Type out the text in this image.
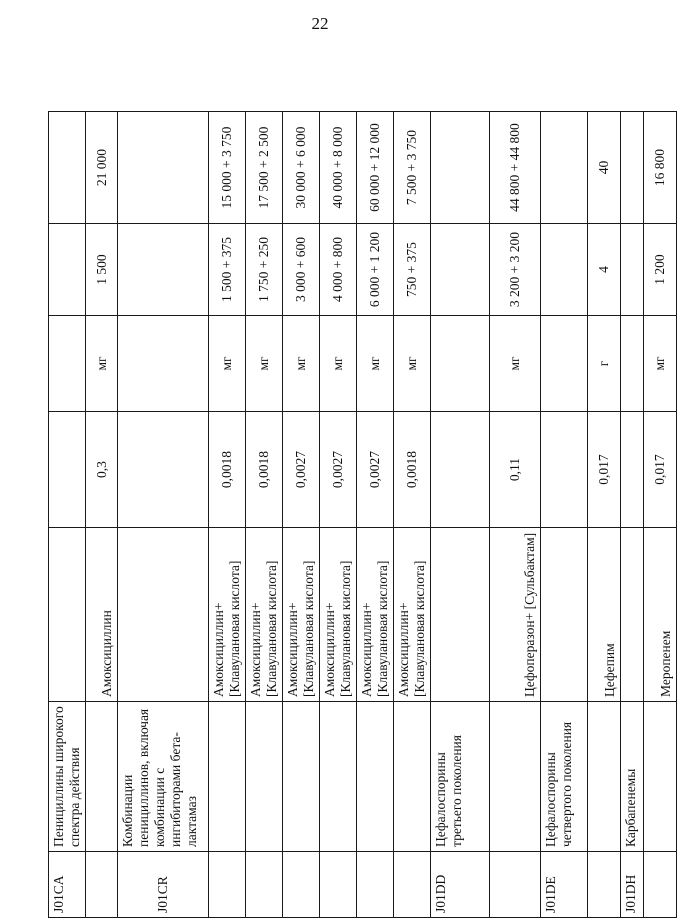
22
J01CA	Пенициллины широкого спектра действия					
		Амоксициллин	0,3	мг	1 500	21 000
J01CR	Комбинации пенициллинов, включая комбинации с ингибиторами бета-лактамаз					
		Амоксициллин+ [Клавулановая кислота]	0,0018	мг	1 500 + 375	15 000 + 3 750
		Амоксициллин+ [Клавулановая кислота]	0,0018	мг	1 750 + 250	17 500 + 2 500
		Амоксициллин+ [Клавулановая кислота]	0,0027	мг	3 000 + 600	30 000 + 6 000
		Амоксициллин+ [Клавулановая кислота]	0,0027	мг	4 000 + 800	40 000 + 8 000
		Амоксициллин+ [Клавулановая кислота]	0,0027	мг	6 000 + 1 200	60 000 + 12 000
		Амоксициллин+ [Клавулановая кислота]	0,0018	мг	750 + 375	7 500 + 3 750
J01DD	Цефалоспорины третьего поколения					
		Цефоперазон+ [Сульбактам]	0,11	мг	3 200 + 3 200	44 800 + 44 800
J01DE	Цефалоспорины четвертого поколения					
		Цефепим	0,017	г	4	40
J01DH	Карбапенемы					
		Меропенем	0,017	мг	1 200	16 800
